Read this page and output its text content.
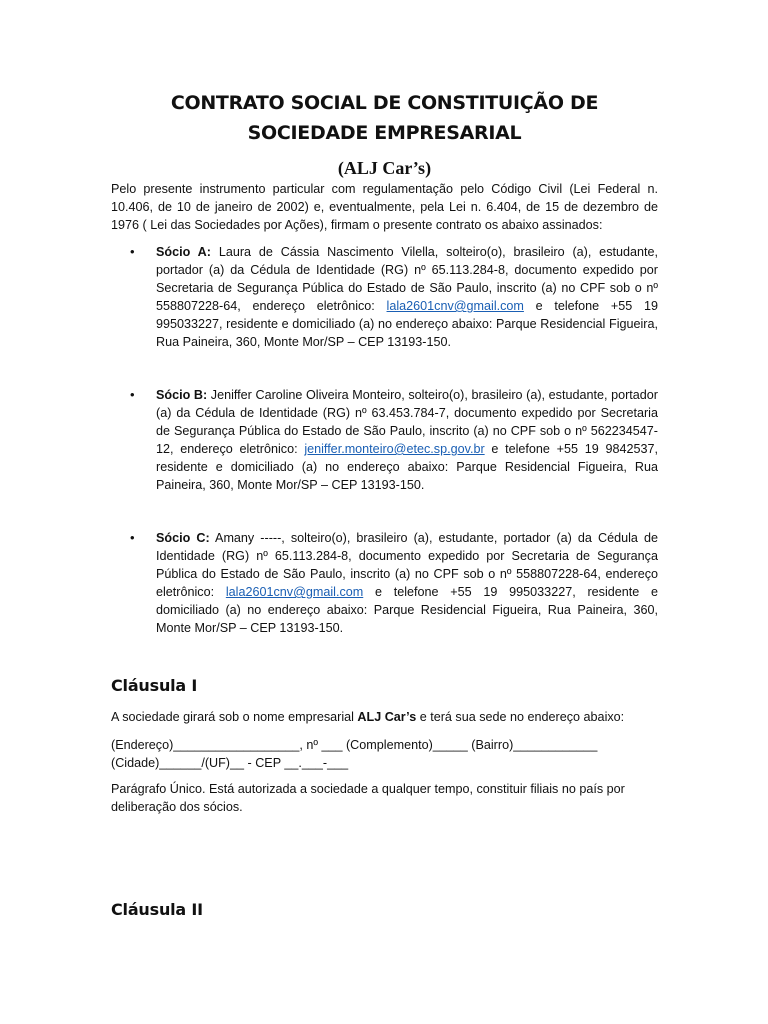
CONTRATO SOCIAL DE CONSTITUIÇÃO DE
SOCIEDADE EMPRESARIAL
(ALJ Car’s)

Pelo presente instrumento particular com regulamentação pelo Código Civil (Lei Federal n. 10.406, de 10 de janeiro de 2002) e, eventualmente, pela Lei n. 6.404, de 15 de dezembro de 1976 ( Lei das Sociedades por Ações), firmam o presente contrato os abaixo assinados:

• Sócio A: Laura de Cássia Nascimento Vilella, solteiro(o), brasileiro (a), estudante, portador (a) da Cédula de Identidade (RG) nº 65.113.284-8, documento expedido por Secretaria de Segurança Pública do Estado de São Paulo, inscrito (a) no CPF sob o nº 558807228-64, endereço eletrônico: lala2601cnv@gmail.com e telefone +55 19 995033227, residente e domiciliado (a) no endereço abaixo: Parque Residencial Figueira, Rua Paineira, 360, Monte Mor/SP – CEP 13193-150.

• Sócio B: Jeniffer Caroline Oliveira Monteiro, solteiro(o), brasileiro (a), estudante, portador (a) da Cédula de Identidade (RG) nº 63.453.784-7, documento expedido por Secretaria de Segurança Pública do Estado de São Paulo, inscrito (a) no CPF sob o nº 562234547-12, endereço eletrônico: jeniffer.monteiro@etec.sp.gov.br e telefone +55 19 9842537, residente e domiciliado (a) no endereço abaixo: Parque Residencial Figueira, Rua Paineira, 360, Monte Mor/SP – CEP 13193-150.

• Sócio C: Amany -----, solteiro(o), brasileiro (a), estudante, portador (a) da Cédula de Identidade (RG) nº 65.113.284-8, documento expedido por Secretaria de Segurança Pública do Estado de São Paulo, inscrito (a) no CPF sob o nº 558807228-64, endereço eletrônico: lala2601cnv@gmail.com e telefone +55 19 995033227, residente e domiciliado (a) no endereço abaixo: Parque Residencial Figueira, Rua Paineira, 360, Monte Mor/SP – CEP 13193-150.

Cláusula I

A sociedade girará sob o nome empresarial ALJ Car’s e terá sua sede no endereço abaixo:

(Endereço)__________________, nº ___ (Complemento)_____ (Bairro)____________

(Cidade)______/(UF)__ - CEP __.___-___

Parágrafo Único. Está autorizada a sociedade a qualquer tempo, constituir filiais no país por deliberação dos sócios.

Cláusula II
